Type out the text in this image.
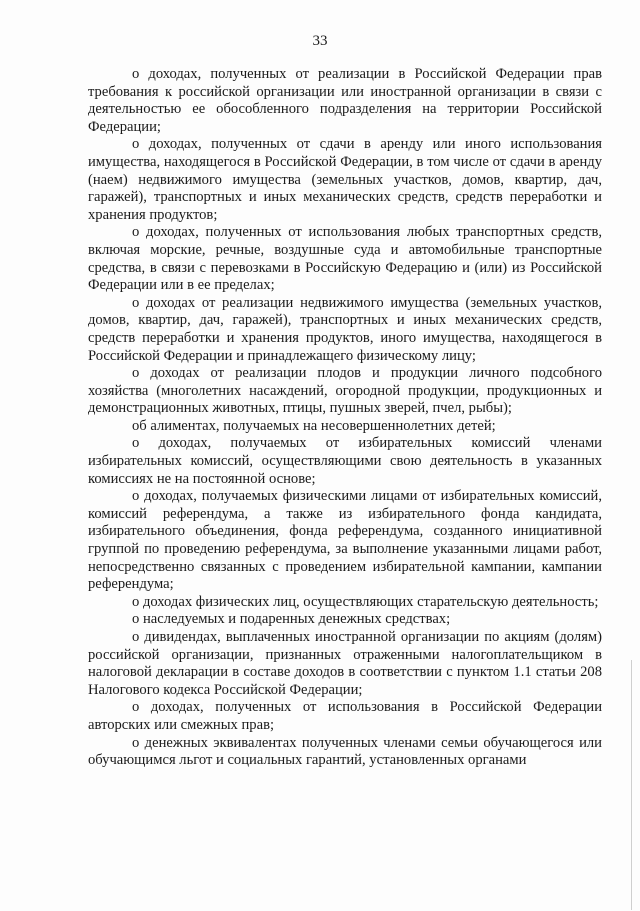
33

о доходах, полученных от реализации в Российской Федерации прав требования к российской организации или иностранной организации в связи с деятельностью ее обособленного подразделения на территории Российской Федерации;

о доходах, полученных от сдачи в аренду или иного использования имущества, находящегося в Российской Федерации, в том числе от сдачи в аренду (наем) недвижимого имущества (земельных участков, домов, квартир, дач, гаражей), транспортных и иных механических средств, средств переработки и хранения продуктов;

о доходах, полученных от использования любых транспортных средств, включая морские, речные, воздушные суда и автомобильные транспортные средства, в связи с перевозками в Российскую Федерацию и (или) из Российской Федерации или в ее пределах;

о доходах от реализации недвижимого имущества (земельных участков, домов, квартир, дач, гаражей), транспортных и иных механических средств, средств переработки и хранения продуктов, иного имущества, находящегося в Российской Федерации и принадлежащего физическому лицу;

о доходах от реализации плодов и продукции личного подсобного хозяйства (многолетних насаждений, огородной продукции, продукционных и демонстрационных животных, птицы, пушных зверей, пчел, рыбы);

об алиментах, получаемых на несовершеннолетних детей;

о доходах, получаемых от избирательных комиссий членами избирательных комиссий, осуществляющими свою деятельность в указанных комиссиях не на постоянной основе;

о доходах, получаемых физическими лицами от избирательных комиссий, комиссий референдума, а также из избирательного фонда кандидата, избирательного объединения, фонда референдума, созданного инициативной группой по проведению референдума, за выполнение указанными лицами работ, непосредственно связанных с проведением избирательной кампании, кампании референдума;

о доходах физических лиц, осуществляющих старательскую деятельность;

о наследуемых и подаренных денежных средствах;

о дивидендах, выплаченных иностранной организации по акциям (долям) российской организации, признанных отраженными налогоплательщиком в налоговой декларации в составе доходов в соответствии с пунктом 1.1 статьи 208 Налогового кодекса Российской Федерации;

о доходах, полученных от использования в Российской Федерации авторских или смежных прав;

о денежных эквивалентах полученных членами семьи обучающегося или обучающимся льгот и социальных гарантий, установленных органами
